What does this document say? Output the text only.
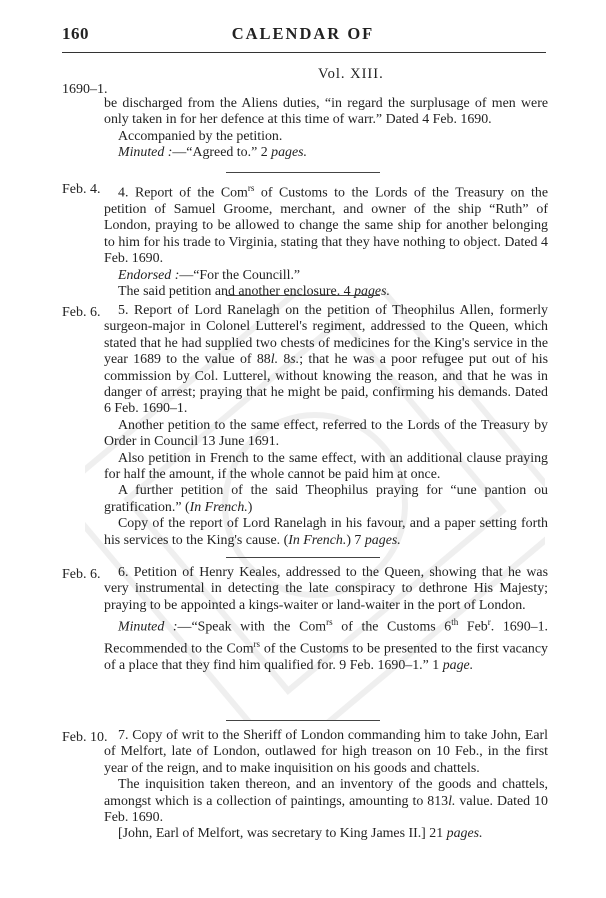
160	CALENDAR OF
Vol. XIII.
1690–1.

be discharged from the Aliens duties, “in regard the surplusage of men were only taken in for her defence at this time of warr.” Dated 4 Feb. 1690.

Accompanied by the petition.

Minuted :—“Agreed to.” 2 pages.

Feb. 4.	4. Report of the Com$^{rs}$ of Customs to the Lords of the Treasury on the petition of Samuel Groome, merchant, and owner of the ship “Ruth” of London, praying to be allowed to change the same ship for another belonging to him for his trade to Virginia, stating that they have nothing to object. Dated 4 Feb. 1690.

Endorsed :—“For the Councill.”

The said petition and another enclosure. 4 pages.

Feb. 6.	5. Report of Lord Ranelagh on the petition of Theophilus Allen, formerly surgeon-major in Colonel Lutterel's regiment, addressed to the Queen, which stated that he had supplied two chests of medicines for the King's service in the year 1689 to the value of 88l. 8s.; that he was a poor refugee put out of his commission by Col. Lutterel, without knowing the reason, and that he was in danger of arrest; praying that he might be paid, confirming his demands. Dated 6 Feb. 1690–1.

Another petition to the same effect, referred to the Lords of the Treasury by Order in Council 13 June 1691.

Also petition in French to the same effect, with an additional clause praying for half the amount, if the whole cannot be paid him at once.

A further petition of the said Theophilus praying for “une pantion ou gratification.” (In French.)

Copy of the report of Lord Ranelagh in his favour, and a paper setting forth his services to the King's cause. (In French.) 7 pages.

Feb. 6.	6. Petition of Henry Keales, addressed to the Queen, showing that he was very instrumental in detecting the late conspiracy to dethrone His Majesty; praying to be appointed a kings-waiter or land-waiter in the port of London.

Minuted :—“Speak with the Com$^{rs}$ of the Customs 6th Feb$^r$. 1690–1. Recommended to the Com$^{rs}$ of the Customs to be presented to the first vacancy of a place that they find him qualified for. 9 Feb. 1690–1.” 1 page.

Feb. 10. 7. Copy of writ to the Sheriff of London commanding him to take John, Earl of Melfort, late of London, outlawed for high treason on 10 Feb., in the first year of the reign, and to make inquisition on his goods and chattels.

The inquisition taken thereon, and an inventory of the goods and chattels, amongst which is a collection of paintings, amounting to 813l. value. Dated 10 Feb. 1690.

[John, Earl of Melfort, was secretary to King James II.] 21 pages.
